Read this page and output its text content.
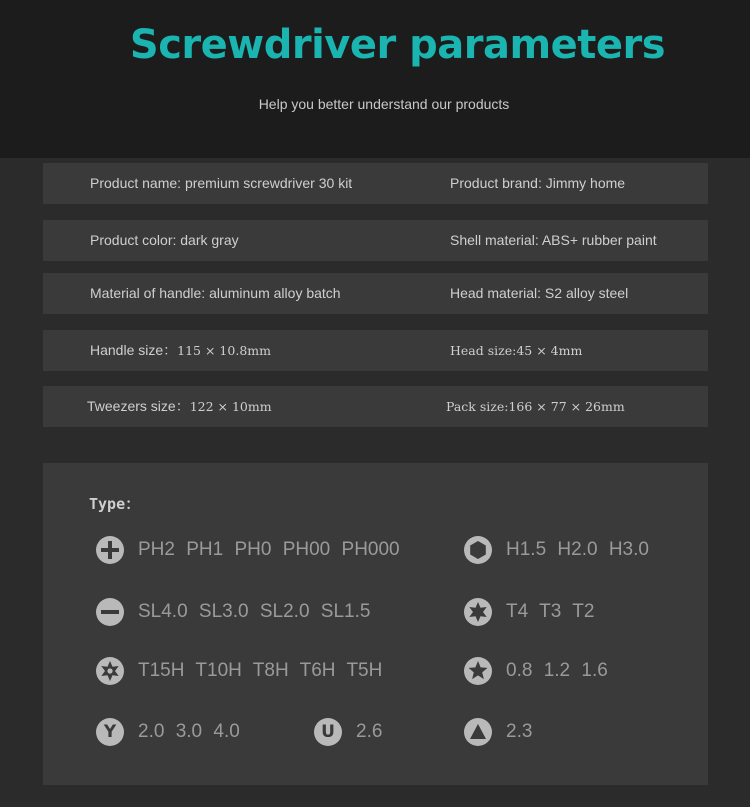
Screwdriver parameters
Help you better understand our products
Product name: premium screwdriver 30 kit	Product brand: Jimmy home
Product color: dark gray	Shell material: ABS+ rubber paint
Material of handle: aluminum alloy batch	Head material: S2 alloy steel
Handle size：115 × 10.8mm	Head size:45 × 4mm
Tweezers size：122 × 10mm	Pack size:166 × 77 × 26mm
Type：
PH2 PH1 PH0 PH00 PH000	H1.5 H2.0 H3.0
SL4.0 SL3.0 SL2.0 SL1.5	T4 T3 T2
T15H T10H T8H T6H T5H	0.8 1.2 1.6
Y 2.0 3.0 4.0	U 2.6	2.3
